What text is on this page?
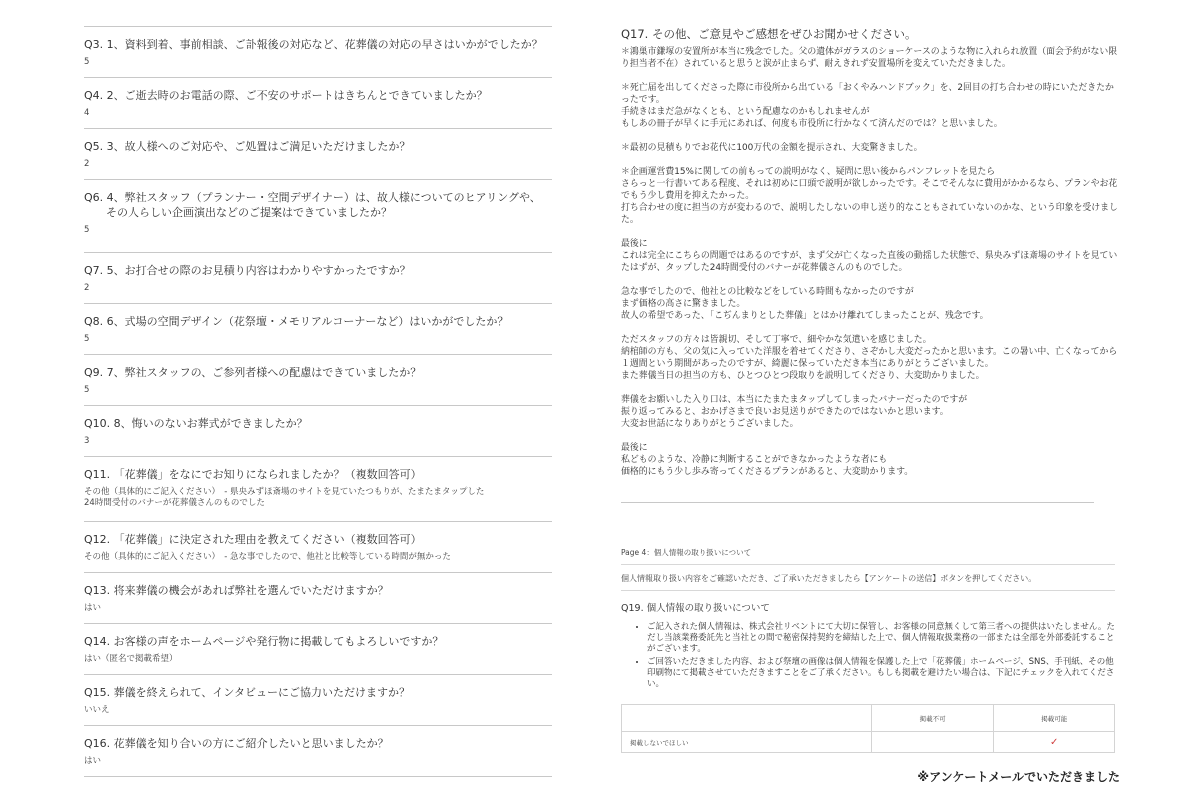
Q3. 1、資料到着、事前相談、ご訃報後の対応など、花葬儀の対応の早さはいかがでしたか？
5
Q4. 2、ご逝去時のお電話の際、ご不安のサポートはきちんとできていましたか？
4
Q5. 3、故人様へのご対応や、ご処置はご満足いただけましたか？
2
Q6. 4、弊社スタッフ（プランナー・空間デザイナー）は、故人様についてのヒアリングや、
　　その人らしい企画演出などのご提案はできていましたか？
5
Q7. 5、お打合せの際のお見積り内容はわかりやすかったですか？
2
Q8. 6、式場の空間デザイン（花祭壇・メモリアルコーナーなど）はいかがでしたか？
5
Q9. 7、弊社スタッフの、ご参列者様への配慮はできていましたか？
5
Q10. 8、悔いのないお葬式ができましたか？
3
Q11. 「花葬儀」をなにでお知りになられましたか？（複数回答可）
その他（具体的にご記入ください）　- 県央みずほ斎場のサイトを見ていたつもりが、たまたまタップした
24時間受付のバナーが花葬儀さんのものでした
Q12. 「花葬儀」に決定された理由を教えてください（複数回答可）
その他（具体的にご記入ください）　- 急な事でしたので、他社と比較等している時間が無かった
Q13. 将来葬儀の機会があれば弊社を選んでいただけますか？
はい
Q14. お客様の声をホームページや発行物に掲載してもよろしいですか？
はい（匿名で掲載希望）
Q15. 葬儀を終えられて、インタビューにご協力いただけますか？
いいえ
Q16. 花葬儀を知り合いの方にご紹介したいと思いましたか？
はい
Q17. その他、ご意見やご感想をぜひお聞かせください。
＊鴻巣市鎌塚の安置所が本当に残念でした。父の遺体がガラスのショーケースのような物に入れられ放置（面会予約がない限り担当者不在）されていると思うと涙が止まらず、耐えきれず安置場所を変えていただきました。

＊死亡届を出してくださった際に市役所から出ている「おくやみハンドブック」を、2回目の打ち合わせの時にいただきたかったです。
手続きはまだ急がなくとも、という配慮なのかもしれませんが
もしあの冊子が早くに手元にあれば、何度も市役所に行かなくて済んだのでは？と思いました。

＊最初の見積もりでお花代に100万代の金額を提示され、大変驚きました。

＊企画運営費15%に関しての前もっての説明がなく、疑問に思い後からパンフレットを見たら
さらっと一行書いてある程度、それは初めに口頭で説明が欲しかったです。そこでそんなに費用がかかるなら、プランやお花でもう少し費用を抑えたかった。
打ち合わせの度に担当の方が変わるので、説明したしないの申し送り的なこともされていないのかな、という印象を受けました。

最後に
これは完全にこちらの問題ではあるのですが、まず父が亡くなった直後の動揺した状態で、県央みずほ斎場のサイトを見ていたはずが、タップした24時間受付のバナーが花葬儀さんのものでした。

急な事でしたので、他社との比較などをしている時間もなかったのですが
まず価格の高さに驚きました。
故人の希望であった、「こぢんまりとした葬儀」とはかけ離れてしまったことが、残念です。

ただスタッフの方々は皆親切、そして丁寧で、細やかな気遣いを感じました。
納棺師の方も、父の気に入っていた洋服を着せてくださり、さぞかし大変だったかと思います。この暑い中、亡くなってから１週間という期間があったのですが、綺麗に保っていただき本当にありがとうございました。
また葬儀当日の担当の方も、ひとつひとつ段取りを説明してくださり、大変助かりました。

葬儀をお願いした入り口は、本当にたまたまタップしてしまったバナーだったのですが
振り返ってみると、おかげさまで良いお見送りができたのではないかと思います。
大変お世話になりありがとうございました。

最後に
私どものような、冷静に判断することができなかったような者にも
価格的にもう少し歩み寄ってくださるプランがあると、大変助かります。
Page 4：個人情報の取り扱いについて
個人情報取り扱い内容をご確認いただき、ご了承いただきましたら【アンケートの送信】ボタンを押してください。
Q19. 個人情報の取り扱いについて
• ご記入された個人情報は、株式会社リベントにて大切に保管し、お客様の同意無くして第三者への提供はいたしません。ただし当該業務委託先と当社との間で秘密保持契約を締結した上で、個人情報取扱業務の一部または全部を外部委託することがございます。
• ご回答いただきました内容、および祭壇の画像は個人情報を保護した上で「花葬儀」ホームページ、SNS、手刊紙、その他印刷物にて掲載させていただきますことをご了承ください。もしも掲載を避けたい場合は、下記にチェックを入れてください。
	掲載不可	掲載可能
掲載しないでほしい		✓
※アンケートメールでいただきました
